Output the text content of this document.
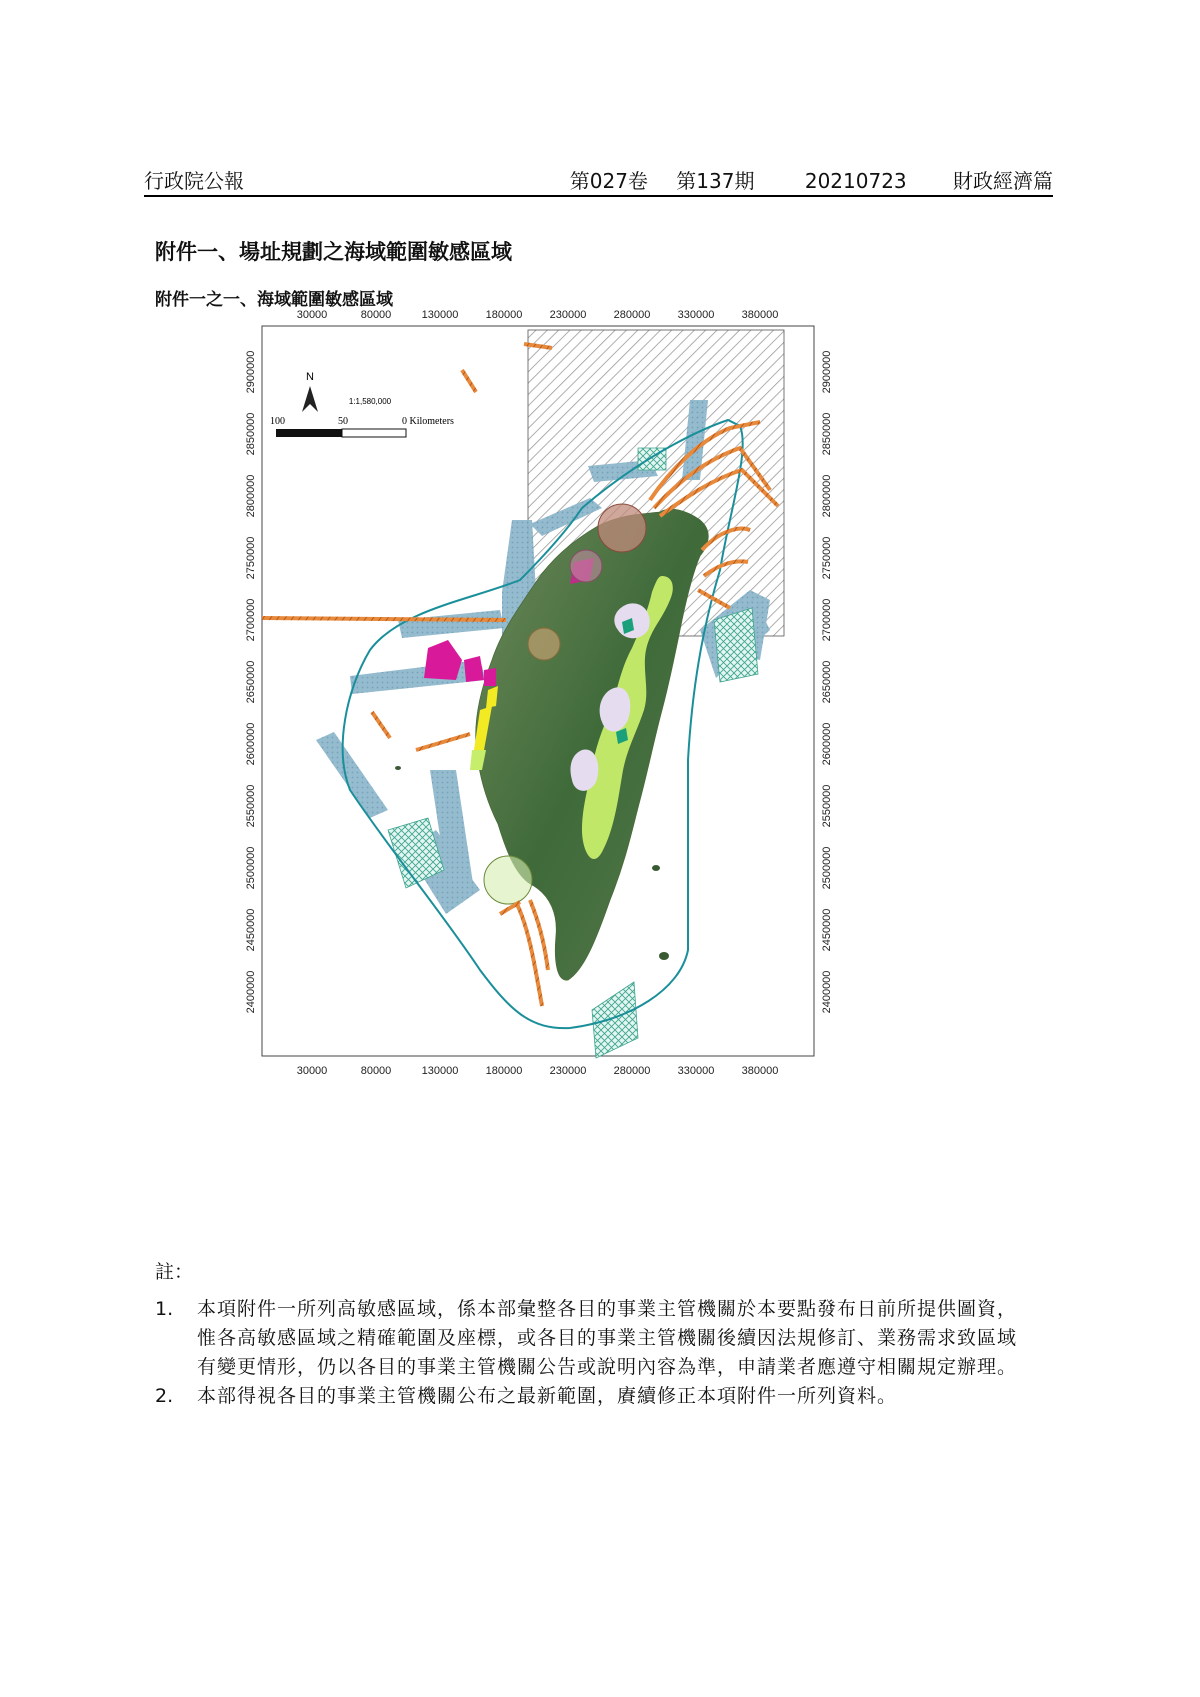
行政院公報	第027卷 第137期	20210723 財政經濟篇
附件一、場址規劃之海域範圍敏感區域
附件一之一、海域範圍敏感區域
30000	80000	130000 180000 230000 280000 330000 380000
30000	80000	130000 180000 230000 280000 330000 380000
2900000
2850000
2800000
2750000
2700000
2650000
2600000
2550000
2500000
2450000
2400000
2900000
2850000
2800000
2750000
2700000
2650000
2600000
2550000
2500000
2450000
2400000
N
1:1,580,000
100	50	0 Kilometers
註：
1.	本項附件一所列高敏感區域，係本部彙整各目的事業主管機關於本要點發布日前所提供圖資，惟各高敏感區域之精確範圍及座標，或各目的事業主管機關後續因法規修訂、業務需求致區域有變更情形，仍以各目的事業主管機關公告或說明內容為準，申請業者應遵守相關規定辦理。
2.	本部得視各目的事業主管機關公布之最新範圍，賡續修正本項附件一所列資料。
